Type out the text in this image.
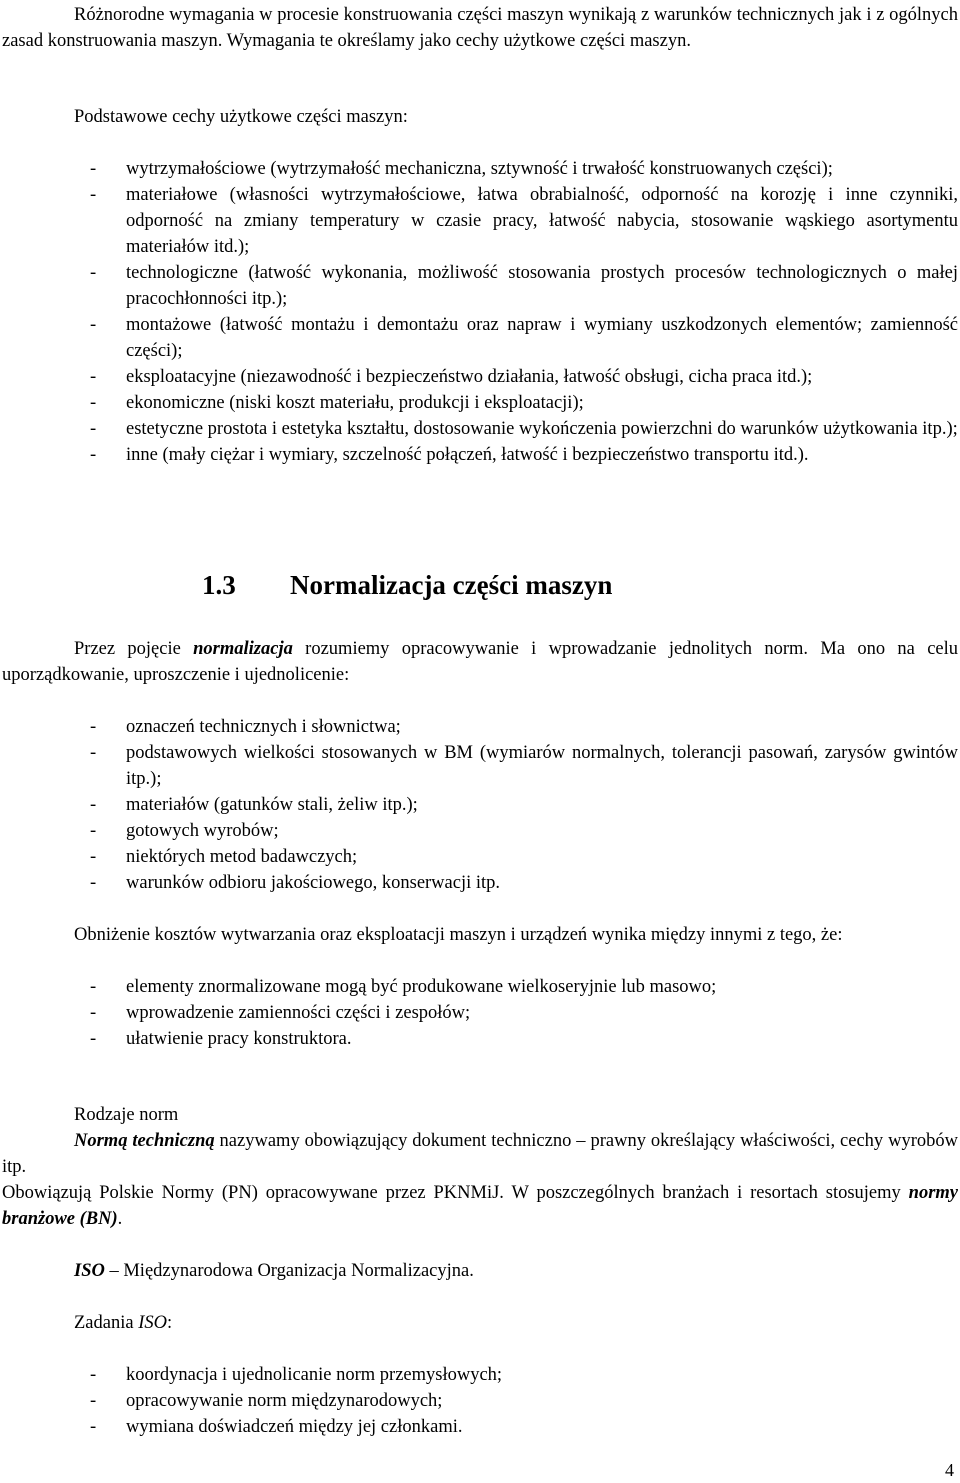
Różnorodne wymagania w procesie konstruowania części maszyn wynikają z warunków technicznych jak i z ogólnych zasad konstruowania maszyn. Wymagania te określamy jako cechy użytkowe części maszyn.

Podstawowe cechy użytkowe części maszyn:

- wytrzymałościowe (wytrzymałość mechaniczna, sztywność i trwałość konstruowanych części);
- materiałowe (własności wytrzymałościowe, łatwa obrabialność, odporność na korozję i inne czynniki, odporność na zmiany temperatury w czasie pracy, łatwość nabycia, stosowanie wąskiego asortymentu materiałów itd.);
- technologiczne (łatwość wykonania, możliwość stosowania prostych procesów technologicznych o małej pracochłonności itp.);
- montażowe (łatwość montażu i demontażu oraz napraw i wymiany uszkodzonych elementów; zamienność części);
- eksploatacyjne (niezawodność i bezpieczeństwo działania, łatwość obsługi, cicha praca itd.);
- ekonomiczne (niski koszt materiału, produkcji i eksploatacji);
- estetyczne prostota i estetyka kształtu, dostosowanie wykończenia powierzchni do warunków użytkowania itp.);
- inne (mały ciężar i wymiary, szczelność połączeń, łatwość i bezpieczeństwo transportu itd.).
1.3 Normalizacja części maszyn

Przez pojęcie normalizacja rozumiemy opracowywanie i wprowadzanie jednolitych norm. Ma ono na celu uporządkowanie, uproszczenie i ujednolicenie:

- oznaczeń technicznych i słownictwa;
- podstawowych wielkości stosowanych w BM (wymiarów normalnych, tolerancji pasowań, zarysów gwintów itp.);
- materiałów (gatunków stali, żeliw itp.);
- gotowych wyrobów;
- niektórych metod badawczych;
- warunków odbioru jakościowego, konserwacji itp.

Obniżenie kosztów wytwarzania oraz eksploatacji maszyn i urządzeń wynika między innymi z tego, że:

- elementy znormalizowane mogą być produkowane wielkoseryjnie lub masowo;
- wprowadzenie zamienności części i zespołów;
- ułatwienie pracy konstruktora.

Rodzaje norm

Normą techniczną nazywamy obowiązujący dokument techniczno – prawny określający właściwości, cechy wyrobów itp.

Obowiązują Polskie Normy (PN) opracowywane przez PKNMiJ. W poszczególnych branżach i resortach stosujemy normy branżowe (BN).

ISO – Międzynarodowa Organizacja Normalizacyjna.

Zadania ISO:

- koordynacja i ujednolicanie norm przemysłowych;
- opracowywanie norm międzynarodowych;
- wymiana doświadczeń między jej członkami.
4
